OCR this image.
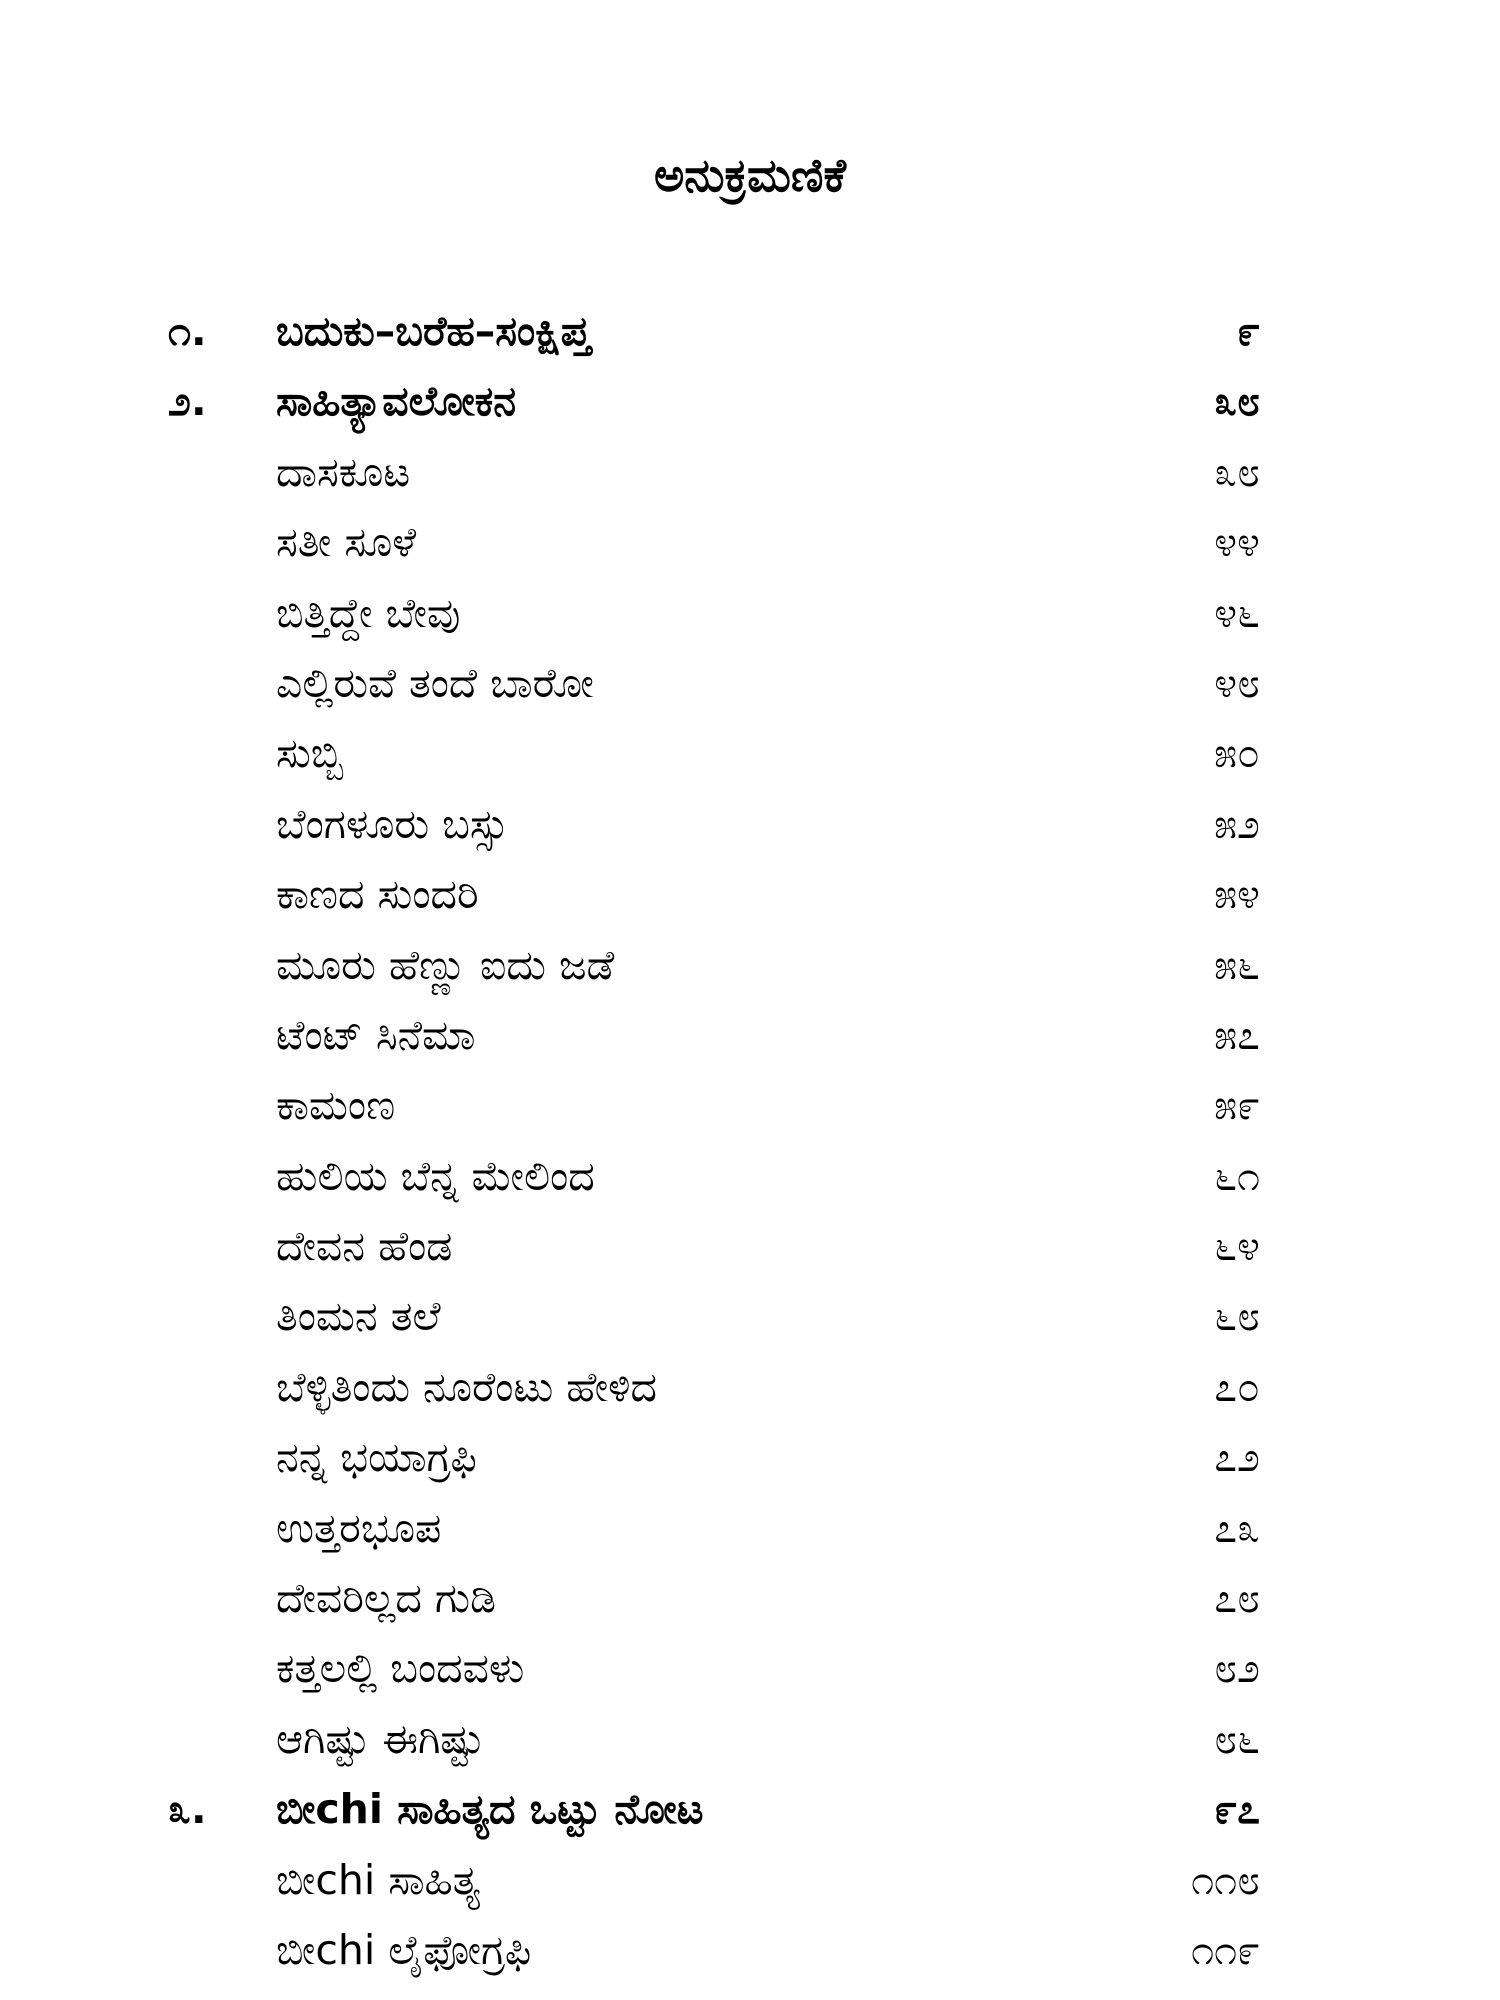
ಅನುಕ್ರಮಣಿಕೆ
೧.	ಬದುಕು–ಬರೆಹ–ಸಂಕ್ಷಿಪ್ತ	೯
೨.	ಸಾಹಿತ್ಯಾವಲೋಕನ	೩೮
ದಾಸಕೂಟ	೩೮
ಸತೀ ಸೂಳೆ	೪೪
ಬಿತ್ತಿದ್ದೇ ಬೇವು	೪೬
ಎಲ್ಲಿರುವೆ ತಂದೆ ಬಾರೋ	೪೮
ಸುಬ್ಬಿ	೫೦
ಬೆಂಗಳೂರು ಬಸ್ಸು	೫೨
ಕಾಣದ ಸುಂದರಿ	೫೪
ಮೂರು ಹೆಣ್ಣು ಐದು ಜಡೆ	೫೬
ಟೆಂಟ್ ಸಿನೆಮಾ	೫೭
ಕಾಮಂಣ	೫೯
ಹುಲಿಯ ಬೆನ್ನ ಮೇಲಿಂದ	೬೧
ದೇವನ ಹೆಂಡ	೬೪
ತಿಂಮನ ತಲೆ	೬೮
ಬೆಳ್ಳಿತಿಂದು ನೂರೆಂಟು ಹೇಳಿದ	೭೦
ನನ್ನ ಭಯಾಗ್ರಫಿ	೭೨
ಉತ್ತರಭೂಪ	೭೩
ದೇವರಿಲ್ಲದ ಗುಡಿ	೭೮
ಕತ್ತಲಲ್ಲಿ ಬಂದವಳು	೮೨
ಆಗಿಷ್ಟು ಈಗಿಷ್ಟು	೮೬
೩.	ಬೀchi ಸಾಹಿತ್ಯದ ಒಟ್ಟು ನೋಟ	೯೭
ಬೀchi ಸಾಹಿತ್ಯ	೧೧೮
ಬೀchi ಲೈಫೋಗ್ರಫಿ	೧೧೯
